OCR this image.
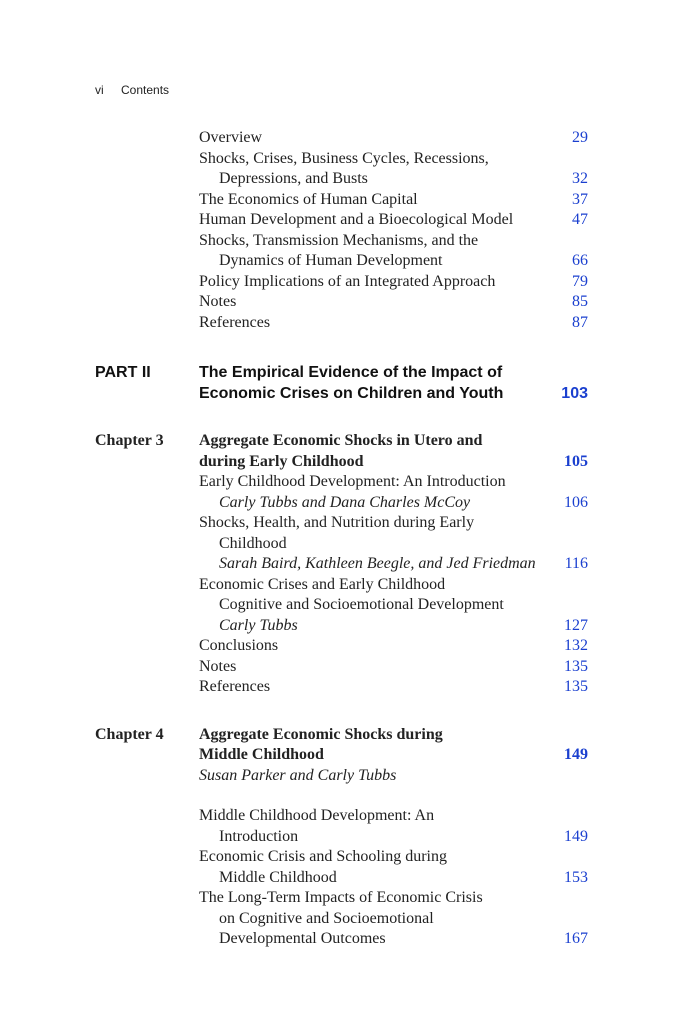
vi Contents
Overview	29
Shocks, Crises, Business Cycles, Recessions,
Depressions, and Busts	32
The Economics of Human Capital	37
Human Development and a Bioecological Model	47
Shocks, Transmission Mechanisms, and the
Dynamics of Human Development	66
Policy Implications of an Integrated Approach	79
Notes	85
References	87
PART II	The Empirical Evidence of the Impact of
Economic Crises on Children and Youth	103
Chapter 3 Aggregate Economic Shocks in Utero and
during Early Childhood	105
Early Childhood Development: An Introduction
Carly Tubbs and Dana Charles McCoy	106
Shocks, Health, and Nutrition during Early
Childhood
Sarah Baird, Kathleen Beegle, and Jed Friedman 116
Economic Crises and Early Childhood
Cognitive and Socioemotional Development
Carly Tubbs	127
Conclusions	132
Notes	135
References	135
Chapter 4 Aggregate Economic Shocks during
Middle Childhood	149
Susan Parker and Carly Tubbs
Middle Childhood Development: An
Introduction	149
Economic Crisis and Schooling during
Middle Childhood	153
The Long-Term Impacts of Economic Crisis
on Cognitive and Socioemotional
Developmental Outcomes	167
